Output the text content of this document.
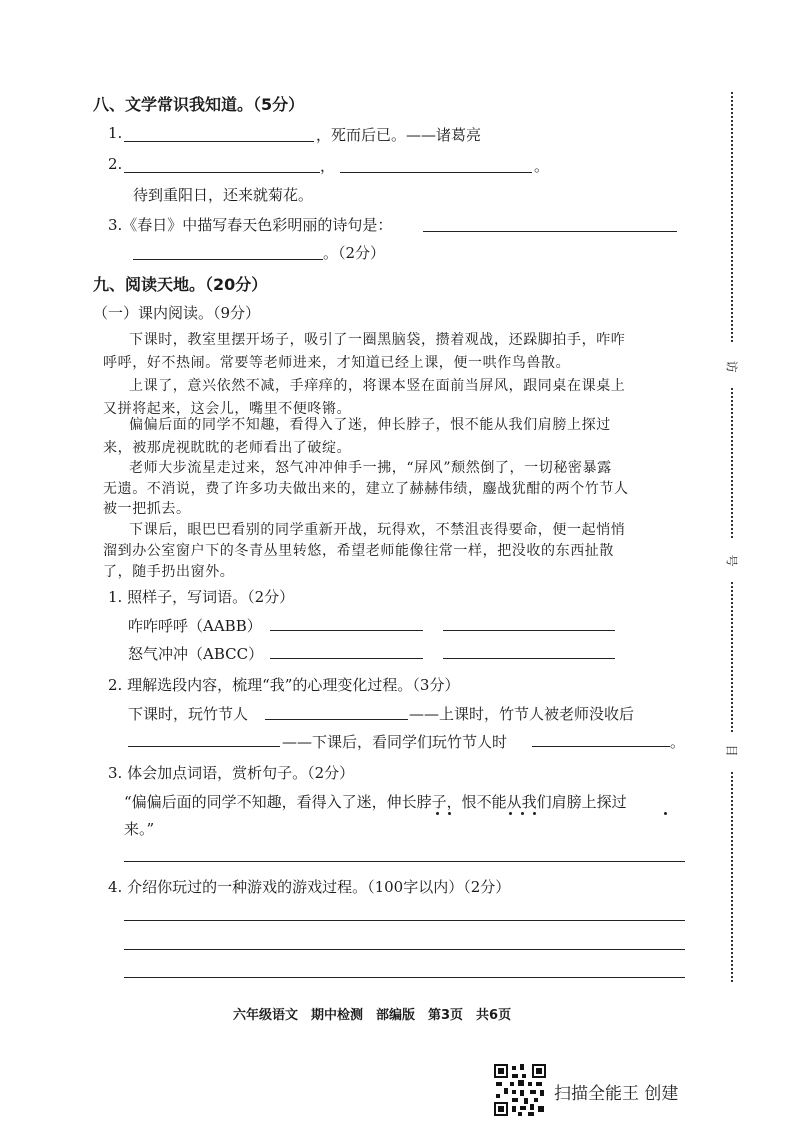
八、文学常识我知道。（5分）
1.	，死而后已。——诸葛亮
2.	，	。
待到重阳日，还来就菊花。
3.《春日》中描写春天色彩明丽的诗句是：
。（2分）
九、阅读天地。（20分）
（一）课内阅读。（9分）
下课时，教室里摆开场子，吸引了一圈黑脑袋，攒着观战，还跺脚拍手，咋咋
呼呼，好不热闹。常要等老师进来，才知道已经上课，便一哄作鸟兽散。
上课了，意兴依然不减，手痒痒的，将课本竖在面前当屏风，跟同桌在课桌上
又拼将起来，这会儿，嘴里不便咚锵。
偏偏后面的同学不知趣，看得入了迷，伸长脖子，恨不能从我们肩膀上探过
来，被那虎视眈眈的老师看出了破绽。
老师大步流星走过来，怒气冲冲伸手一拂，“屏风”颓然倒了，一切秘密暴露
无遗。不消说，费了许多功夫做出来的，建立了赫赫伟绩，鏖战犹酣的两个竹节人
被一把抓去。
下课后，眼巴巴看别的同学重新开战，玩得欢，不禁沮丧得要命，便一起悄悄
溜到办公室窗户下的冬青丛里转悠，希望老师能像往常一样，把没收的东西扯散
了，随手扔出窗外。
1. 照样子，写词语。（2分）
咋咋呼呼（AABB）
怒气冲冲（ABCC）
2. 理解选段内容，梳理“我”的心理变化过程。（3分）
下课时，玩竹节人	——上课时，竹节人被老师没收后
——下课后，看同学们玩竹节人时	。
3. 体会加点词语，赏析句子。（2分）
“偏偏后面的同学不知趣，看得入了迷，伸长脖子，恨不能从我们肩膀上探过
来。”
4. 介绍你玩过的一种游戏的游戏过程。（100字以内）（2分）
六年级语文　期中检测　部编版　第3页　共6页
访
号
目
扫描全能王 创建
